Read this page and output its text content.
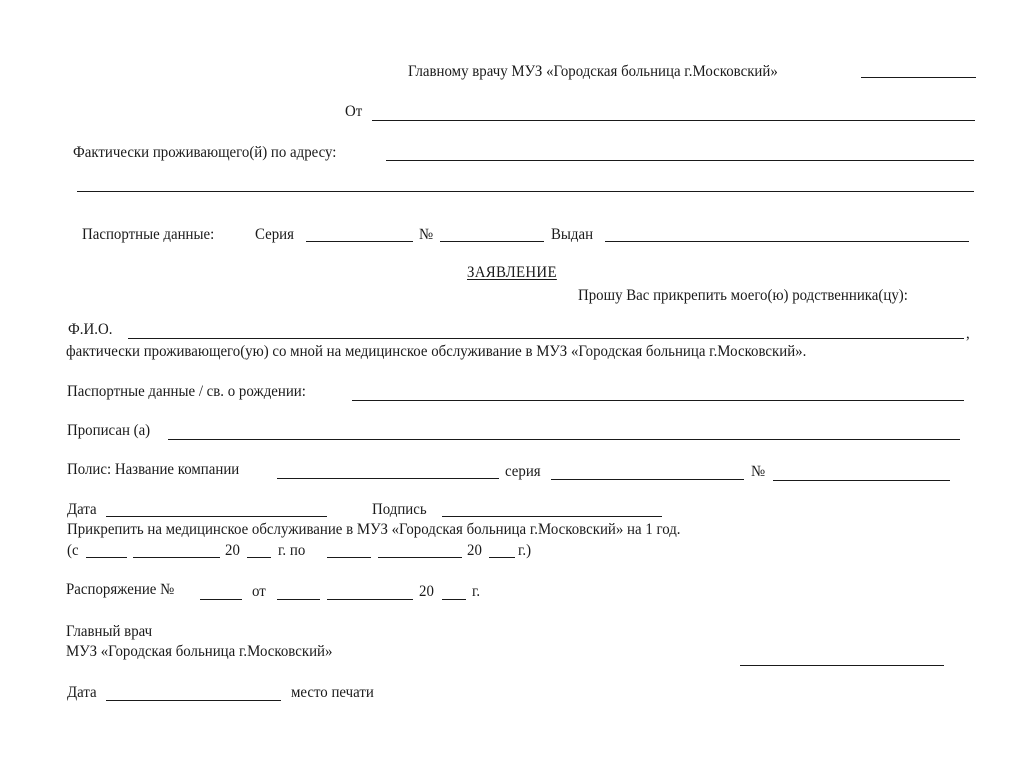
Главному врачу МУЗ «Городская больница г.Московский»
От
Фактически проживающего(й) по адресу:
Паспортные данные:	Серия	№	Выдан
ЗАЯВЛЕНИЕ
Прошу Вас прикрепить моего(ю) родственника(цу):
Ф.И.О.	,
фактически проживающего(ую) со мной на медицинское обслуживание в МУЗ «Городская больница г.Московский».
Паспортные данные / св. о рождении:
Прописан (а)
Полис: Название компании	серия	№
Дата	Подпись
Прикрепить на медицинское обслуживание в МУЗ «Городская больница г.Московский» на 1 год.
(с	20 г. по	20 г.)
Распоряжение №	от	20 г.
Главный врач
МУЗ «Городская больница г.Московский»
Дата	место печати
